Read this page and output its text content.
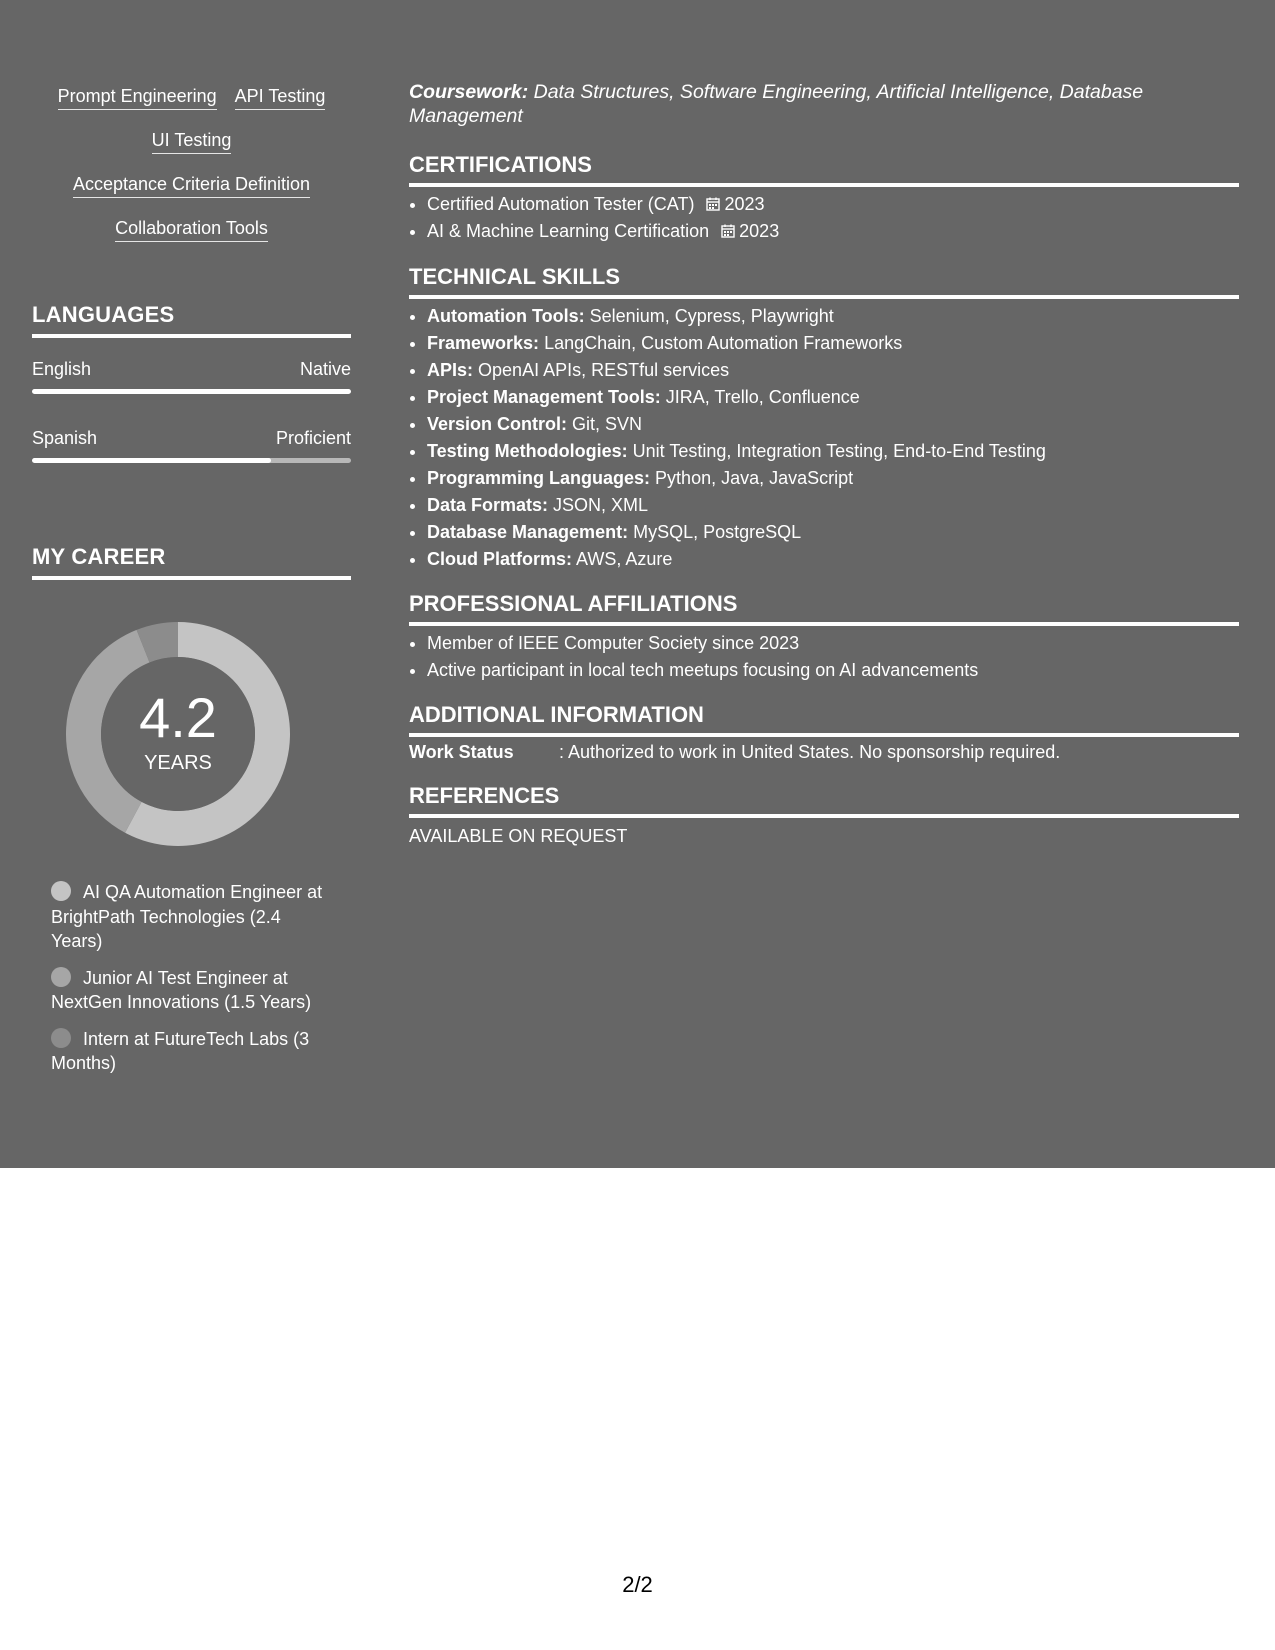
Prompt Engineering API Testing
UI Testing
Acceptance Criteria Definition
Collaboration Tools
LANGUAGES
English	Native
Spanish	Proficient
MY CAREER
4.2
YEARS
AI QA Automation Engineer at BrightPath Technologies (2.4 Years)
Junior AI Test Engineer at NextGen Innovations (1.5 Years)
Intern at FutureTech Labs (3 Months)
Coursework: Data Structures, Software Engineering, Artificial Intelligence, Database Management
CERTIFICATIONS
• Certified Automation Tester (CAT) 2023
• AI & Machine Learning Certification 2023
TECHNICAL SKILLS
• Automation Tools: Selenium, Cypress, Playwright
• Frameworks: LangChain, Custom Automation Frameworks
• APIs: OpenAI APIs, RESTful services
• Project Management Tools: JIRA, Trello, Confluence
• Version Control: Git, SVN
• Testing Methodologies: Unit Testing, Integration Testing, End-to-End Testing
• Programming Languages: Python, Java, JavaScript
• Data Formats: JSON, XML
• Database Management: MySQL, PostgreSQL
• Cloud Platforms: AWS, Azure
PROFESSIONAL AFFILIATIONS
• Member of IEEE Computer Society since 2023
• Active participant in local tech meetups focusing on AI advancements
ADDITIONAL INFORMATION
Work Status	: Authorized to work in United States. No sponsorship required.
REFERENCES
AVAILABLE ON REQUEST
2/2
